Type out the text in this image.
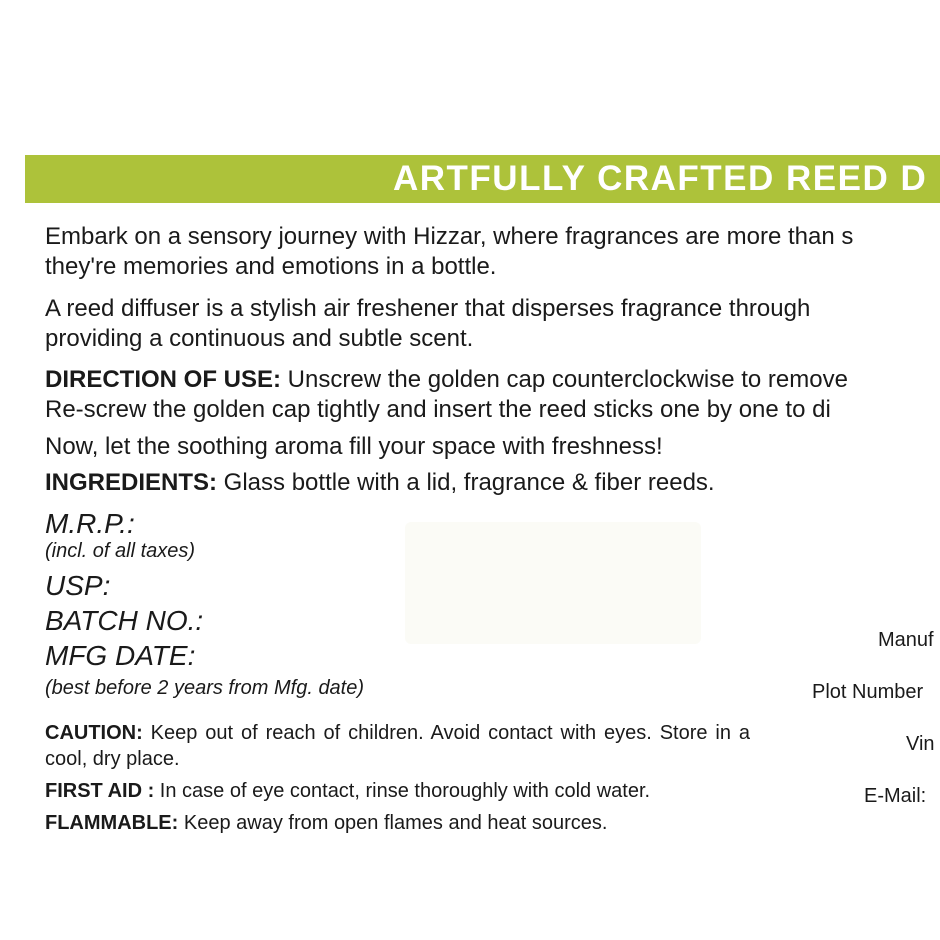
ARTFULLY CRAFTED REED D
Embark on a sensory journey with Hizzar, where fragrances are more than s
they're memories and emotions in a bottle.
A reed diffuser is a stylish air freshener that disperses fragrance through
providing a continuous and subtle scent.
DIRECTION OF USE: Unscrew the golden cap counterclockwise to remove
Re-screw the golden cap tightly and insert the reed sticks one by one to di
Now, let the soothing aroma fill your space with freshness!
INGREDIENTS: Glass bottle with a lid, fragrance & fiber reeds.
M.R.P.:
(incl. of all taxes)
USP:
BATCH NO.:
MFG DATE:
(best before 2 years from Mfg. date)
CAUTION: Keep out of reach of children. Avoid contact with eyes. Store in a cool, dry place.
FIRST AID : In case of eye contact, rinse thoroughly with cold water.
FLAMMABLE: Keep away from open flames and heat sources.
Manuf
Plot Number
Vin
E-Mail:
